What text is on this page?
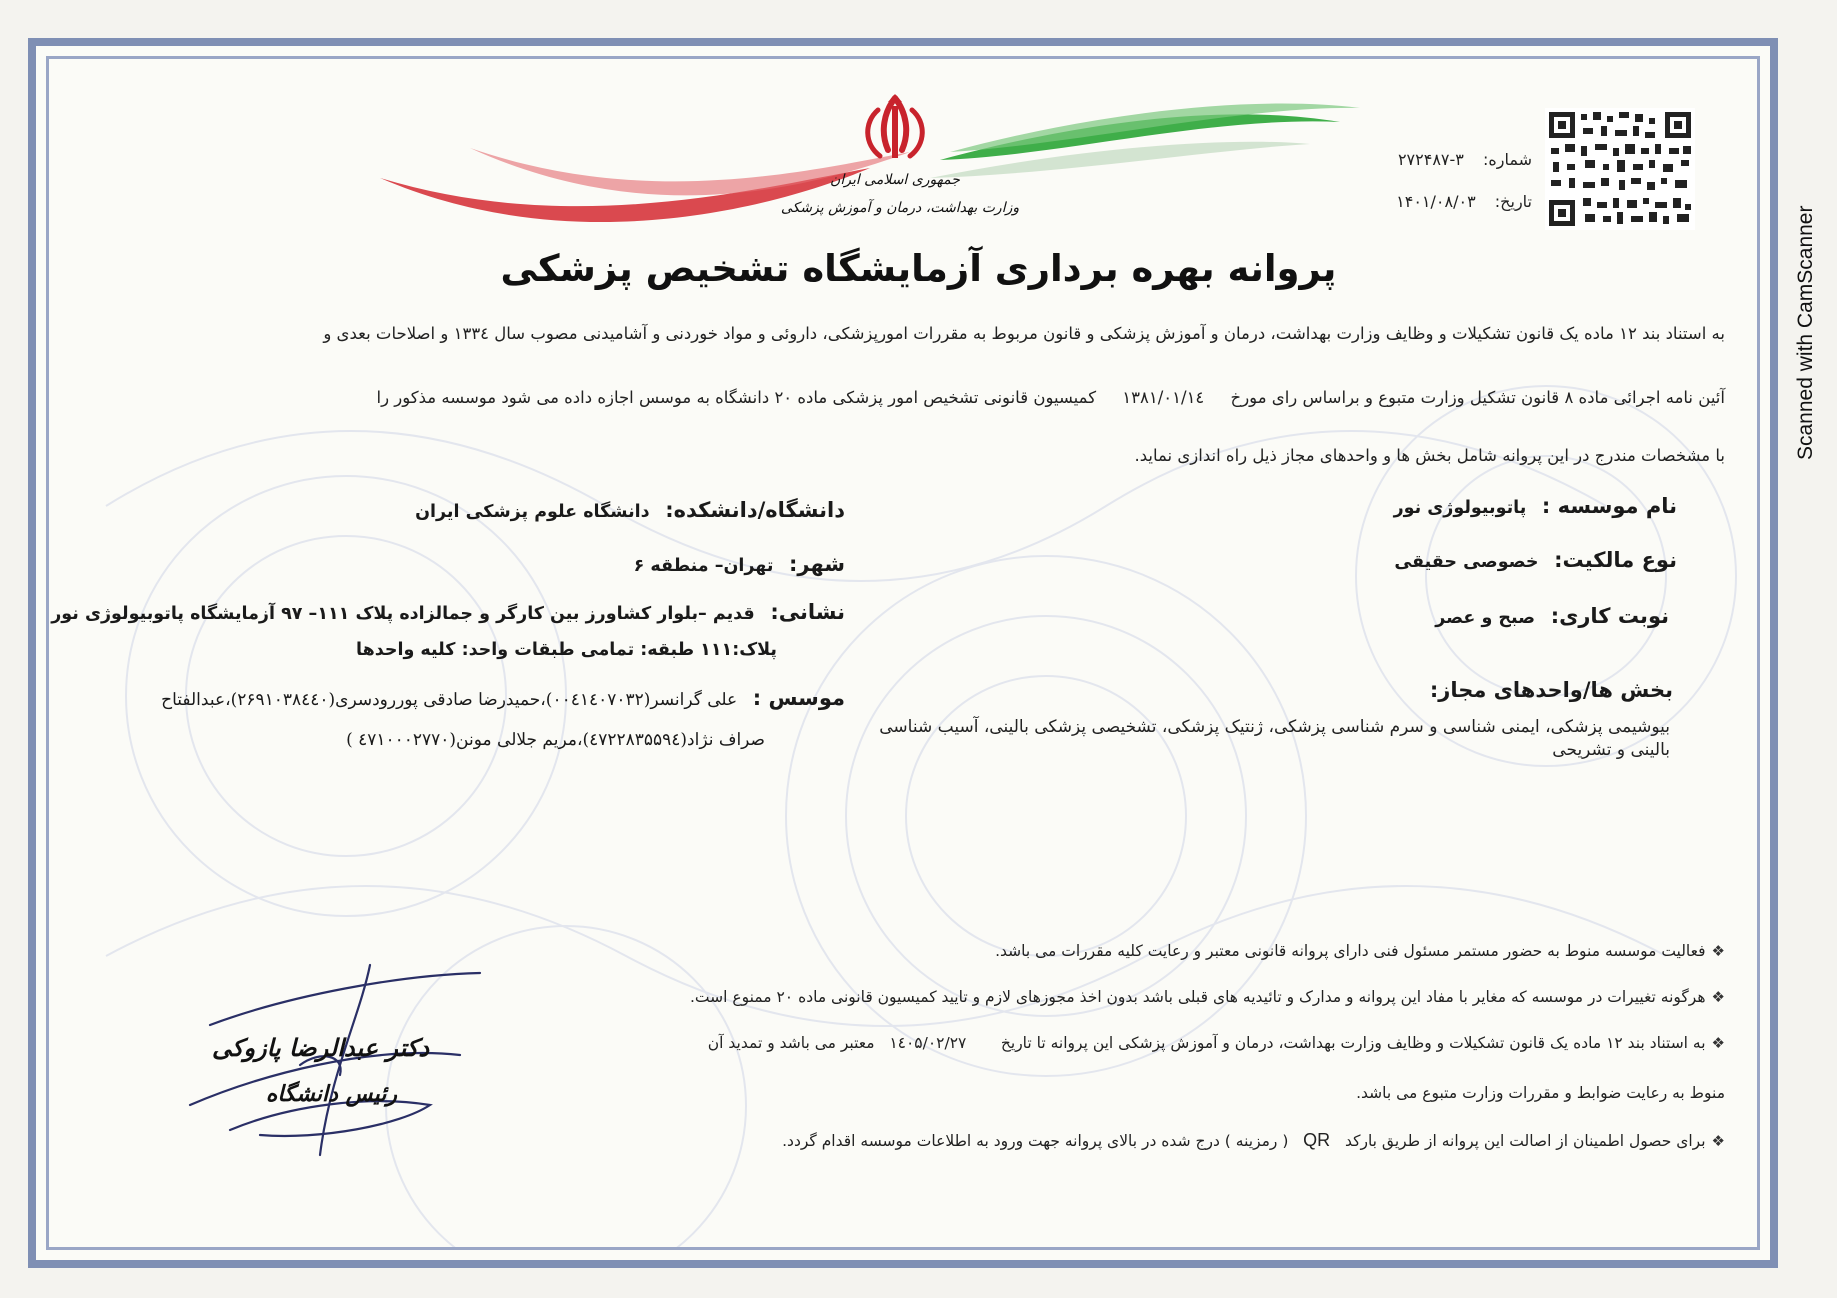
جمهوری اسلامی ایران
وزارت بهداشت، درمان و آموزش پزشکی
شماره: ۳-۲۷۲۴۸۷
تاریخ: ۱۴۰۱/۰۸/۰۳
پروانه بهره برداری آزمایشگاه تشخیص پزشکی
به استناد بند ۱۲ ماده یک قانون تشکیلات و وظایف وزارت بهداشت، درمان و آموزش پزشکی و قانون مربوط به مقررات امورپزشکی، داروئی و مواد خوردنی و آشامیدنی مصوب سال ۱۳۳٤ و اصلاحات بعدی و
آئین نامه اجرائی ماده ۸ قانون تشکیل وزارت متبوع و براساس رای مورخ     ۱۳۸۱/۰۱/۱٤     کمیسیون قانونی تشخیص امور پزشکی ماده ۲۰ دانشگاه به موسس اجازه داده می شود موسسه مذکور را
با مشخصات مندرج در این پروانه شامل بخش ها و واحدهای مجاز ذیل راه اندازی نماید.
نام موسسه : پاتوبیولوژی نور
نوع مالکیت: خصوصی حقیقی
نوبت کاری: صبح و عصر
بخش ها/واحدهای مجاز:
بیوشیمی پزشکی، ایمنی شناسی و سرم شناسی پزشکی، ژنتیک پزشکی، تشخیصی پزشکی بالینی، آسیب شناسی بالینی و تشریحی
دانشگاه/دانشکده: دانشگاه علوم پزشکی ایران
شهر: تهران– منطقه ۶
نشانی: قدیم –بلوار کشاورز بین کارگر و جمالزاده پلاک ۱۱۱– ۹۷ آزمایشگاه پاتوبیولوژی نور
پلاک:۱۱۱ طبقه: تمامی طبقات واحد: کلیه واحدها
موسس : علی گرانسر(۰۰٤۱٤۰۷۰۳۲)،حمیدرضا صادقی پوررودسری(۲۶۹۱۰۳۸٤٤۰)،عبدالفتاح
صراف نژاد(٤۷۲۲۸۳۵۵۹٤)،مریم جلالی مونن(٤۷۱۰۰۰۲۷۷۰ )
❖فعالیت موسسه منوط به حضور مستمر مسئول فنی دارای پروانه قانونی معتبر و رعایت کلیه مقررات می باشد.
❖هرگونه تغییرات در موسسه که مغایر با مفاد این پروانه و مدارک و تائیدیه های قبلی باشد بدون اخذ مجوزهای لازم و تایید کمیسیون قانونی ماده ۲۰ ممنوع است.
❖به استناد بند ۱۲ ماده یک قانون تشکیلات و وظایف وزارت بهداشت، درمان و آموزش پزشکی این پروانه تا تاریخ       ۱٤۰۵/۰۲/۲۷   معتبر می باشد و تمدید آن
منوط به رعایت ضوابط و مقررات وزارت متبوع می باشد.
❖برای حصول اطمینان از اصالت این پروانه از طریق بارکد   QR   ( رمزینه ) درج شده در بالای پروانه جهت ورود به اطلاعات موسسه اقدام گردد.
دکتر عبدالرضا پازوکی
رئیس دانشگاه
Scanned with CamScanner
